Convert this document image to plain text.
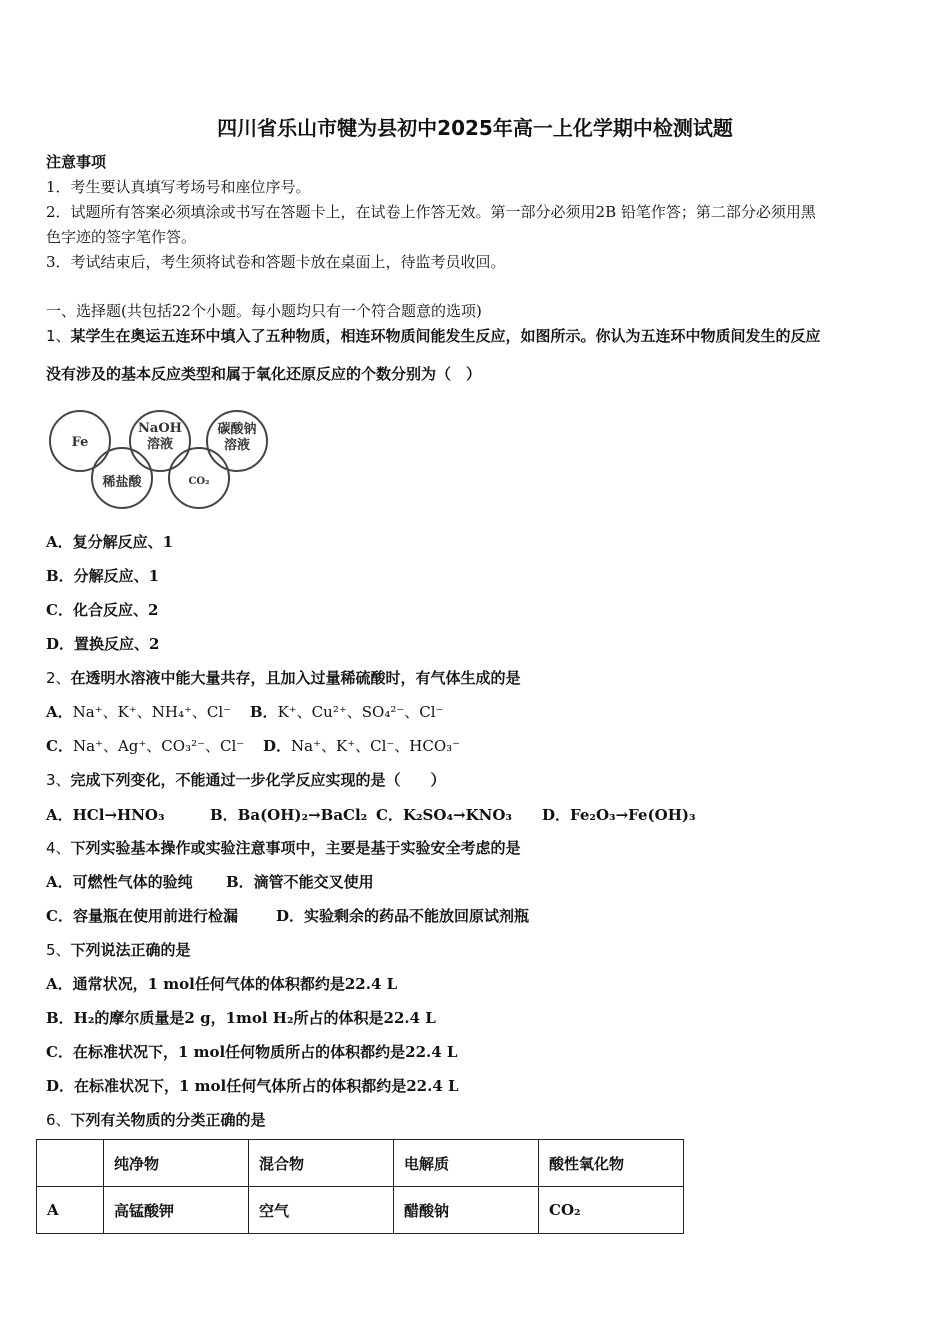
四川省乐山市犍为县初中2025年高一上化学期中检测试题
注意事项
1．考生要认真填写考场号和座位序号。
2．试题所有答案必须填涂或书写在答题卡上，在试卷上作答无效。第一部分必须用2B 铅笔作答；第二部分必须用黑
色字迹的签字笔作答。
3．考试结束后，考生须将试卷和答题卡放在桌面上，待监考员收回。
一、选择题(共包括22个小题。每小题均只有一个符合题意的选项)
1、某学生在奥运五连环中填入了五种物质，相连环物质间能发生反应，如图所示。你认为五连环中物质间发生的反应
没有涉及的基本反应类型和属于氧化还原反应的个数分别为（　）
Fe
NaOH
溶液
碳酸钠
溶液
稀盐酸	CO₂
A．复分解反应、1
B．分解反应、1
C．化合反应、2
D．置换反应、2
2、在透明水溶液中能大量共存，且加入过量稀硫酸时，有气体生成的是
A．Na⁺、K⁺、NH₄⁺、Cl⁻ B．K⁺、Cu²⁺、SO₄²⁻、Cl⁻
C．Na⁺、Ag⁺、CO₃²⁻、Cl⁻ D．Na⁺、K⁺、Cl⁻、HCO₃⁻
3、完成下列变化，不能通过一步化学反应实现的是（　　）
A．HCl→HNO₃	B．Ba(OH)₂→BaCl₂ C．K₂SO₄→KNO₃ D．Fe₂O₃→Fe(OH)₃
4、下列实验基本操作或实验注意事项中，主要是基于实验安全考虑的是
A．可燃性气体的验纯 B．滴管不能交叉使用
C．容量瓶在使用前进行检漏	D．实验剩余的药品不能放回原试剂瓶
5、下列说法正确的是
A．通常状况，1 mol任何气体的体积都约是22.4 L
B．H₂的摩尔质量是2 g，1mol H₂所占的体积是22.4 L
C．在标准状况下，1 mol任何物质所占的体积都约是22.4 L
D．在标准状况下，1 mol任何气体所占的体积都约是22.4 L
6、下列有关物质的分类正确的是
	纯净物	混合物	电解质	酸性氧化物
A	高锰酸钾	空气	醋酸钠	CO₂
